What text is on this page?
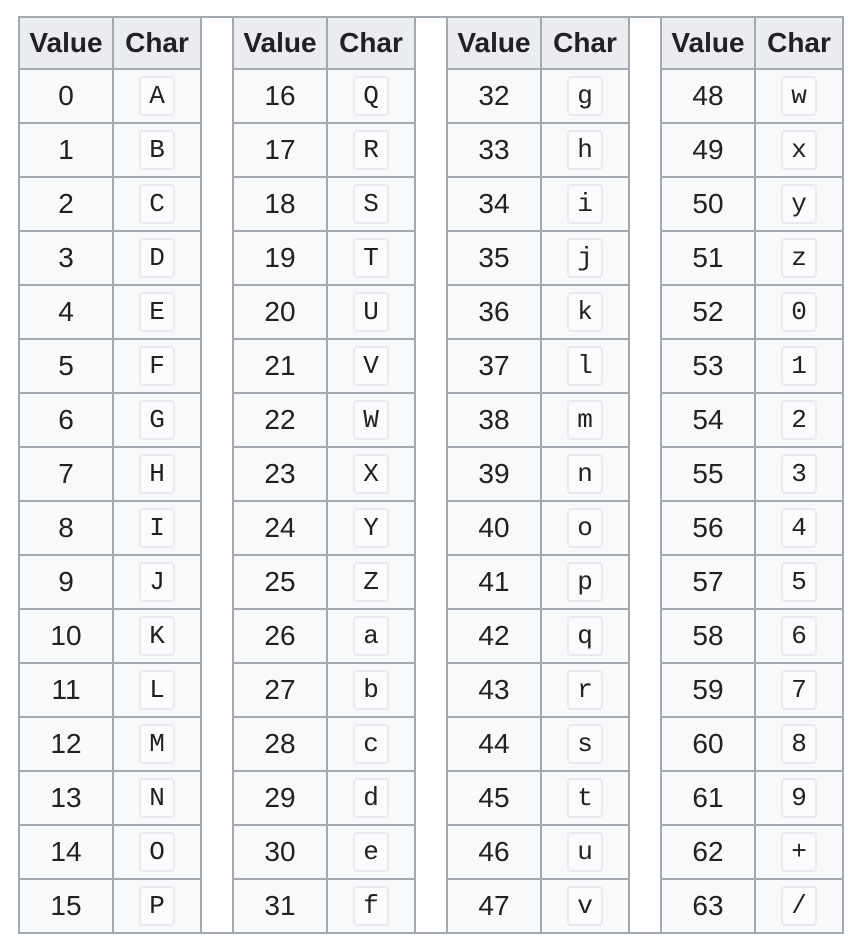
Value	Char		Value	Char		Value	Char		Value	Char
0	A		16	Q		32	g		48	w
1	B		17	R		33	h		49	x
2	C		18	S		34	i		50	y
3	D		19	T		35	j		51	z
4	E		20	U		36	k		52	0
5	F		21	V		37	l		53	1
6	G		22	W		38	m		54	2
7	H		23	X		39	n		55	3
8	I		24	Y		40	o		56	4
9	J		25	Z		41	p		57	5
10	K		26	a		42	q		58	6
11	L		27	b		43	r		59	7
12	M		28	c		44	s		60	8
13	N		29	d		45	t		61	9
14	O		30	e		46	u		62	+
15	P		31	f		47	v		63	/
